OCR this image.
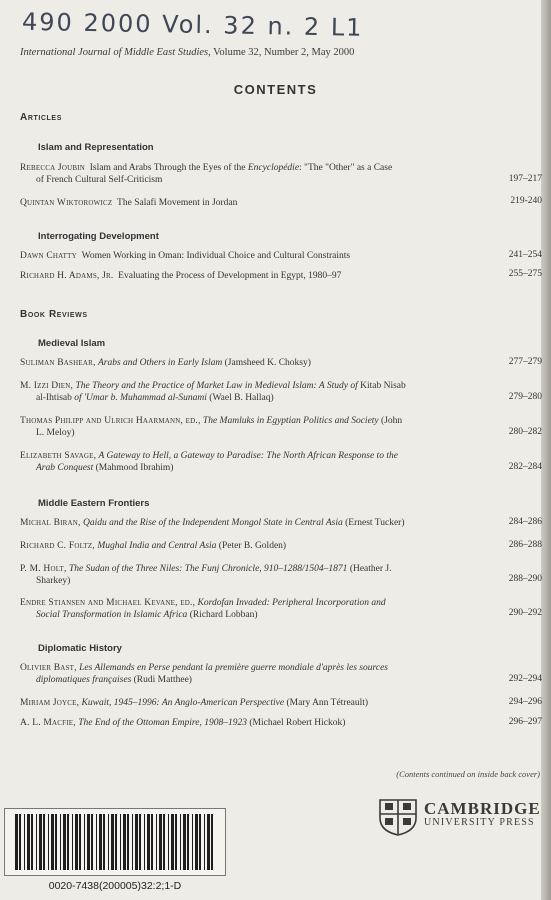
490 2000 Vol. 32 n. 2 L1
International Journal of Middle East Studies, Volume 32, Number 2, May 2000
CONTENTS
Articles
Islam and Representation
Rebecca Joubin Islam and Arabs Through the Eyes of the Encyclopédie: "The "Other" as a Case
of French Cultural Self-Criticism	197–217
Quintan Wiktorowicz The Salafi Movement in Jordan	219-240
Interrogating Development
Dawn Chatty Women Working in Oman: Individual Choice and Cultural Constraints	241–254
Richard H. Adams, Jr. Evaluating the Process of Development in Egypt, 1980–97	255–275
Book Reviews
Medieval Islam
Suliman Bashear, Arabs and Others in Early Islam (Jamsheed K. Choksy)	277–279
M. Izzi Dien, The Theory and the Practice of Market Law in Medieval Islam: A Study of Kitab Nisab
al-Ihtisab of 'Umar b. Muhammad al-Sunami (Wael B. Hallaq)	279–280
Thomas Philipp and Ulrich Haarmann, ed., The Mamluks in Egyptian Politics and Society (John
L. Meloy)	280–282
Elizabeth Savage, A Gateway to Hell, a Gateway to Paradise: The North African Response to the
Arab Conquest (Mahmood Ibrahim)	282–284
Middle Eastern Frontiers
Michal Biran, Qaidu and the Rise of the Independent Mongol State in Central Asia (Ernest Tucker)	284–286
Richard C. Foltz, Mughal India and Central Asia (Peter B. Golden)	286–288
P. M. Holt, The Sudan of the Three Niles: The Funj Chronicle, 910–1288/1504–1871 (Heather J.
Sharkey)	288–290
Endre Stiansen and Michael Kevane, ed., Kordofan Invaded: Peripheral Incorporation and
Social Transformation in Islamic Africa (Richard Lobban)	290–292
Diplomatic History
Olivier Bast, Les Allemands en Perse pendant la première guerre mondiale d'après les sources
diplomatiques françaises (Rudi Matthee)	292–294
Miriam Joyce, Kuwait, 1945–1996: An Anglo-American Perspective (Mary Ann Tétreault)	294–296
A. L. Macfie, The End of the Ottoman Empire, 1908–1923 (Michael Robert Hickok)	296–297
(Contents continued on inside back cover)
CAMBRIDGE
UNIVERSITY PRESS
0020-7438(200005)32:2;1-D
